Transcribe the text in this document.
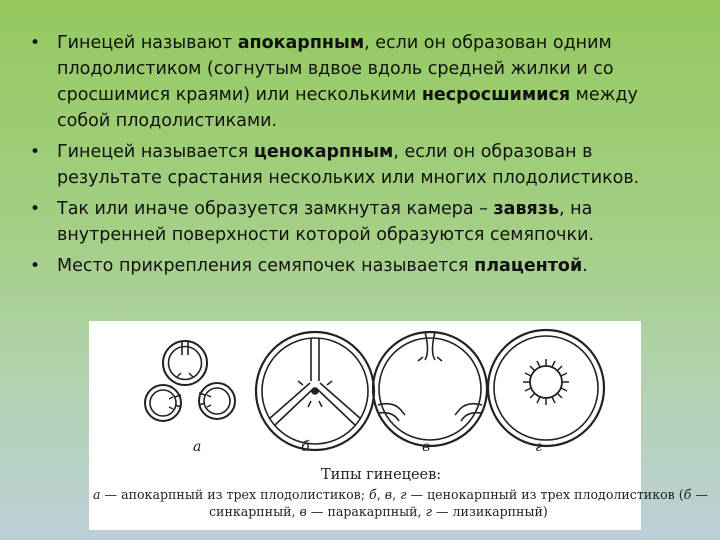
• Гинецей называют апокарпным, если он образован одним плодолистиком (согнутым вдвое вдоль средней жилки и со сросшимися краями) или несколькими несросшимися между собой плодолистиками.
• Гинецей называется ценокарпным, если он образован в результате срастания нескольких или многих плодолистиков.
• Так или иначе образуется замкнутая камера – завязь, на внутренней поверхности которой образуются семяпочки.
• Место прикрепления семяпочек называется плацентой.
а	б	в	г
Типы гинецеев:
а — апокарпный из трех плодолистиков; б, в, г — ценокарпный из трех плодолистиков (б —
синкарпный, в — паракарпный, г — лизикарпный)
